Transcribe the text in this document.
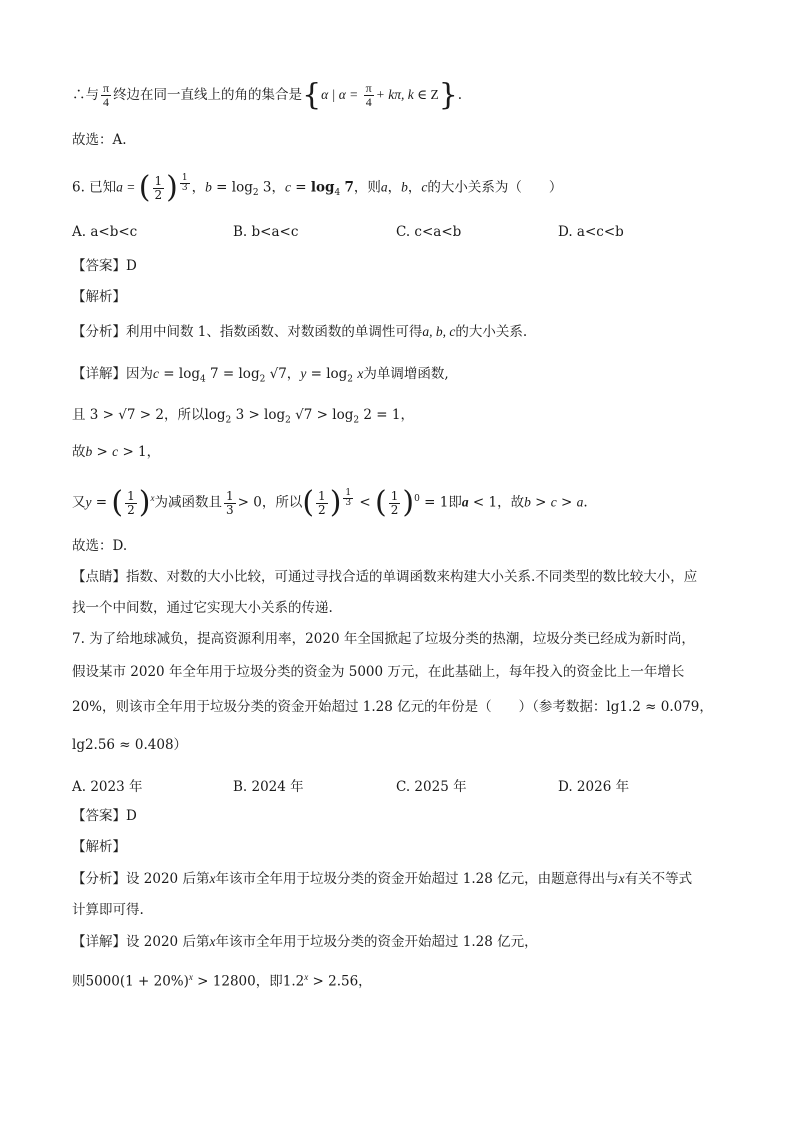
∴与 $\frac{\pi}{4}$ 终边在同一直线上的角的集合是{α | $\alpha = \frac{\pi}{4} + k\pi$, k ∈ Z}.
故选：A.
6. 已知a = ( $\frac{1}{2}$ ) $^{\frac{1}{3}}$ ，$b = \log_2 3$，$c = \log_4 7$，则a，b，c的大小关系为（　　）
A. a<b<c	B. b<a<c	C. c<a<b	D. a<c<b
【答案】D
【解析】
【分析】利用中间数 1、指数函数、对数函数的单调性可得a, b, c的大小关系.
【详解】因为$c = \log_4 7 = \log_2 √7$，$y = \log_2 x$为单调增函数,
且 3 > √7 > 2，所以$\log_2 3 > \log_2 √7 > \log_2 2 = 1$，
故b > c > 1，
又y = ( $\frac{1}{2} )^x$为减函数且 $\frac{1}{3} > 0$，所以( $\frac{1}{2}$ ) $^{\frac{1}{3}}$ < ( $\frac{1}{2} )^0 = 1$即a < 1，故b > c > a.
故选：D.
【点睛】指数、对数的大小比较，可通过寻找合适的单调函数来构建大小关系.不同类型的数比较大小，应
找一个中间数，通过它实现大小关系的传递.
7. 为了给地球减负，提高资源利用率，2020 年全国掀起了垃圾分类的热潮，垃圾分类已经成为新时尚，
假设某市 2020 年全年用于垃圾分类的资金为 5000 万元，在此基础上，每年投入的资金比上一年增长
20%，则该市全年用于垃圾分类的资金开始超过 1.28 亿元的年份是（　　）（参考数据：lg1.2 ≈ 0.079，
lg2.56 ≈ 0.408）
A. 2023 年	B. 2024 年	C. 2025 年	D. 2026 年
【答案】D
【解析】
【分析】设 2020 后第x年该市全年用于垃圾分类的资金开始超过 1.28 亿元，由题意得出与x有关不等式
计算即可得.
【详解】设 2020 后第x年该市全年用于垃圾分类的资金开始超过 1.28 亿元，
则$5000(1 + 20\%)^x > 12800$，即$1.2^x > 2.56$，
